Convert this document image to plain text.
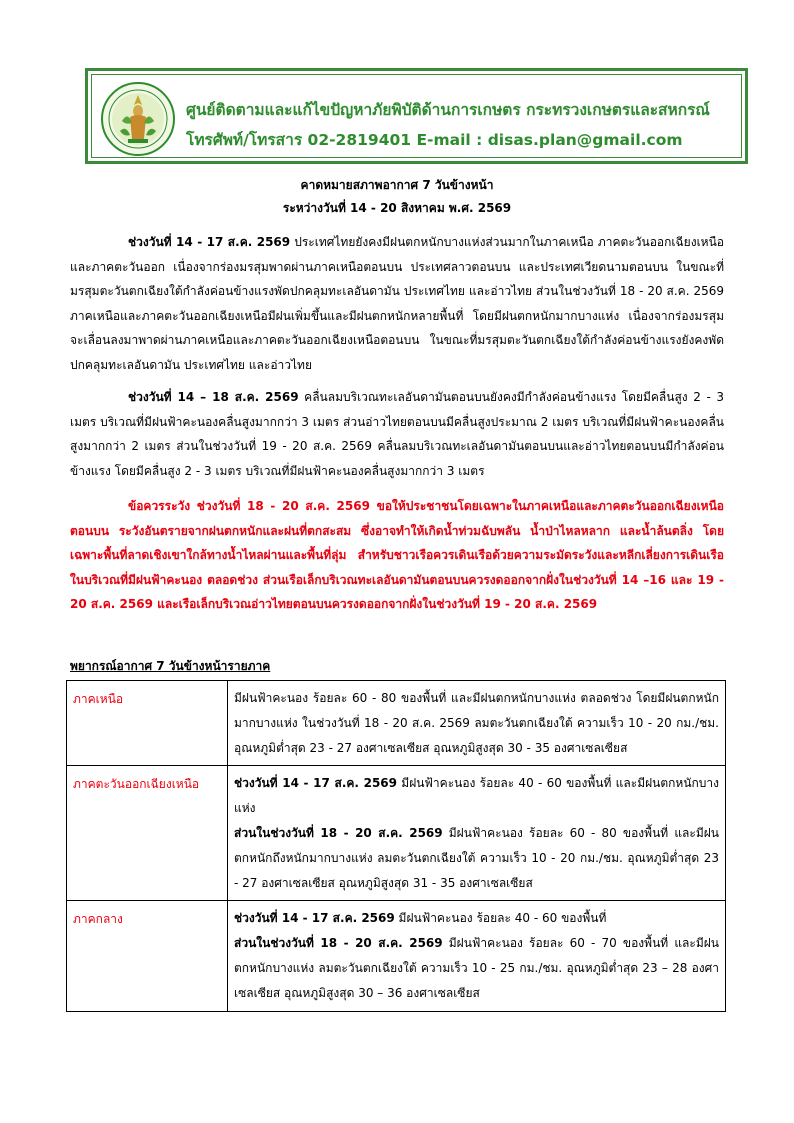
ศูนย์ติดตามและแก้ไขปัญหาภัยพิบัติด้านการเกษตร กระทรวงเกษตรและสหกรณ์
โทรศัพท์/โทรสาร 02-2819401 E-mail : disas.plan@gmail.com
คาดหมายสภาพอากาศ 7 วันข้างหน้า
ระหว่างวันที่ 14 - 20 สิงหาคม พ.ศ. 2569
ช่วงวันที่ 14 - 17 ส.ค. 2569 ประเทศไทยยังคงมีฝนตกหนักบางแห่งส่วนมากในภาคเหนือ ภาคตะวันออกเฉียงเหนือ และภาคตะวันออก เนื่องจากร่องมรสุมพาดผ่านภาคเหนือตอนบน ประเทศลาวตอนบน และประเทศเวียดนามตอนบน ในขณะที่มรสุมตะวันตกเฉียงใต้กำลังค่อนข้างแรงพัดปกคลุมทะเลอันดามัน ประเทศไทย และอ่าวไทย ส่วนในช่วงวันที่ 18 - 20 ส.ค. 2569 ภาคเหนือและภาคตะวันออกเฉียงเหนือมีฝนเพิ่มขึ้นและมีฝนตกหนักหลายพื้นที่ โดยมีฝนตกหนักมากบางแห่ง เนื่องจากร่องมรสุมจะเลื่อนลงมาพาดผ่านภาคเหนือและภาคตะวันออกเฉียงเหนือตอนบน ในขณะที่มรสุมตะวันตกเฉียงใต้กำลังค่อนข้างแรงยังคงพัดปกคลุมทะเลอันดามัน ประเทศไทย และอ่าวไทย
ช่วงวันที่ 14 – 18 ส.ค. 2569 คลื่นลมบริเวณทะเลอันดามันตอนบนยังคงมีกำลังค่อนข้างแรง โดยมีคลื่นสูง 2 - 3 เมตร บริเวณที่มีฝนฟ้าคะนองคลื่นสูงมากกว่า 3 เมตร ส่วนอ่าวไทยตอนบนมีคลื่นสูงประมาณ 2 เมตร บริเวณที่มีฝนฟ้าคะนองคลื่นสูงมากกว่า 2 เมตร ส่วนในช่วงวันที่ 19 - 20 ส.ค. 2569 คลื่นลมบริเวณทะเลอันดามันตอนบนและอ่าวไทยตอนบนมีกำลังค่อนข้างแรง โดยมีคลื่นสูง 2 - 3 เมตร บริเวณที่มีฝนฟ้าคะนองคลื่นสูงมากกว่า 3 เมตร
ข้อควรระวัง ช่วงวันที่ 18 - 20 ส.ค. 2569 ขอให้ประชาชนโดยเฉพาะในภาคเหนือและภาคตะวันออกเฉียงเหนือตอนบน ระวังอันตรายจากฝนตกหนักและฝนที่ตกสะสม ซึ่งอาจทำให้เกิดน้ำท่วมฉับพลัน น้ำป่าไหลหลาก และน้ำล้นตลิ่ง โดยเฉพาะพื้นที่ลาดเชิงเขาใกล้ทางน้ำไหลผ่านและพื้นที่ลุ่ม สำหรับชาวเรือควรเดินเรือด้วยความระมัดระวังและหลีกเลี่ยงการเดินเรือในบริเวณที่มีฝนฟ้าคะนอง ตลอดช่วง ส่วนเรือเล็กบริเวณทะเลอันดามันตอนบนควรงดออกจากฝั่งในช่วงวันที่ 14 –16 และ 19 - 20 ส.ค. 2569 และเรือเล็กบริเวณอ่าวไทยตอนบนควรงดออกจากฝั่งในช่วงวันที่ 19 - 20 ส.ค. 2569
พยากรณ์อากาศ 7 วันข้างหน้ารายภาค
ภาคเหนือ	มีฝนฟ้าคะนอง ร้อยละ 60 - 80 ของพื้นที่ และมีฝนตกหนักบางแห่ง ตลอดช่วง โดยมีฝนตกหนักมากบางแห่ง ในช่วงวันที่ 18 - 20 ส.ค. 2569 ลมตะวันตกเฉียงใต้ ความเร็ว 10 - 20 กม./ชม. อุณหภูมิต่ำสุด 23 - 27 องศาเซลเซียส อุณหภูมิสูงสุด 30 - 35 องศาเซลเซียส
ภาคตะวันออกเฉียงเหนือ	ช่วงวันที่ 14 - 17 ส.ค. 2569 มีฝนฟ้าคะนอง ร้อยละ 40 - 60 ของพื้นที่ และมีฝนตกหนักบางแห่ง
ส่วนในช่วงวันที่ 18 - 20 ส.ค. 2569 มีฝนฟ้าคะนอง ร้อยละ 60 - 80 ของพื้นที่ และมีฝนตกหนักถึงหนักมากบางแห่ง ลมตะวันตกเฉียงใต้ ความเร็ว 10 - 20 กม./ชม. อุณหภูมิต่ำสุด 23 - 27 องศาเซลเซียส อุณหภูมิสูงสุด 31 - 35 องศาเซลเซียส
ภาคกลาง	ช่วงวันที่ 14 - 17 ส.ค. 2569 มีฝนฟ้าคะนอง ร้อยละ 40 - 60 ของพื้นที่
ส่วนในช่วงวันที่ 18 - 20 ส.ค. 2569 มีฝนฟ้าคะนอง ร้อยละ 60 - 70 ของพื้นที่ และมีฝนตกหนักบางแห่ง ลมตะวันตกเฉียงใต้ ความเร็ว 10 - 25 กม./ชม. อุณหภูมิต่ำสุด 23 – 28 องศาเซลเซียส อุณหภูมิสูงสุด 30 – 36 องศาเซลเซียส
